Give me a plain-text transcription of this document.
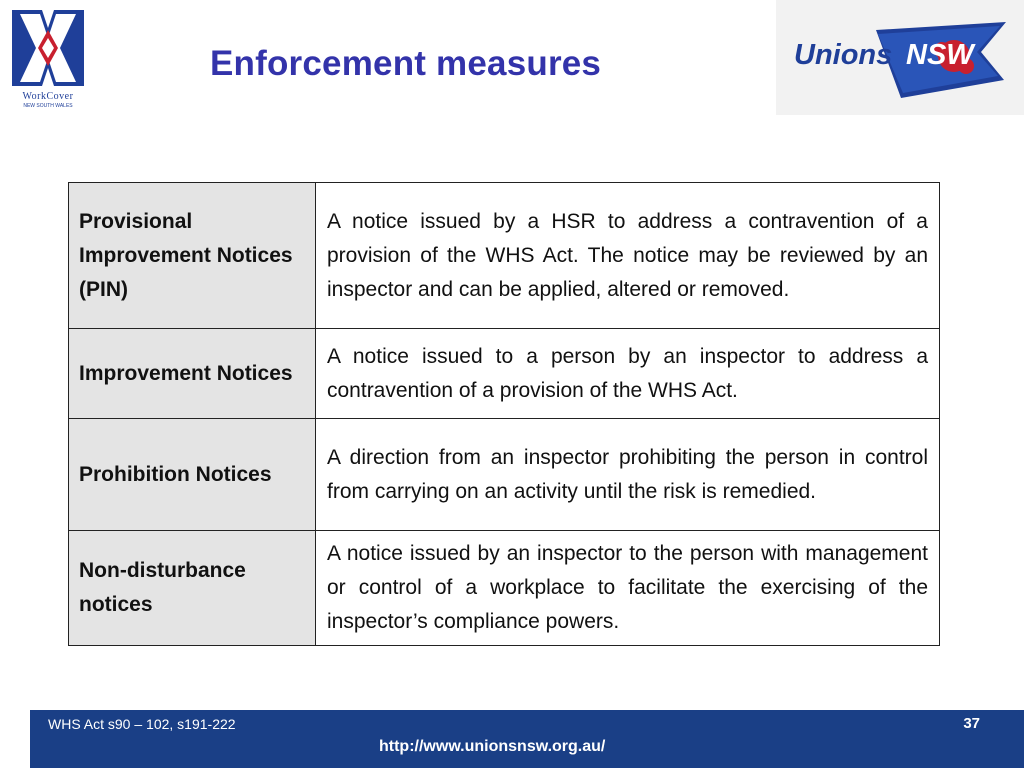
WorkCover
NEW SOUTH WALES
Enforcement measures	Unions NSW
Provisional Improvement Notices (PIN)	A notice issued by a HSR to address a contravention of a provision of the WHS Act. The notice may be reviewed by an inspector and can be applied, altered or removed.
Improvement Notices	A notice issued to a person by an inspector to address a contravention of a provision of the WHS Act.
Prohibition Notices	A direction from an inspector prohibiting the person in control from carrying on an activity until the risk is remedied.
Non-disturbance notices	A notice issued by an inspector to the person with management or control of a workplace to facilitate the exercising of the inspector’s compliance powers.
WHS Act s90 – 102, s191-222	37
http://www.unionsnsw.org.au/
